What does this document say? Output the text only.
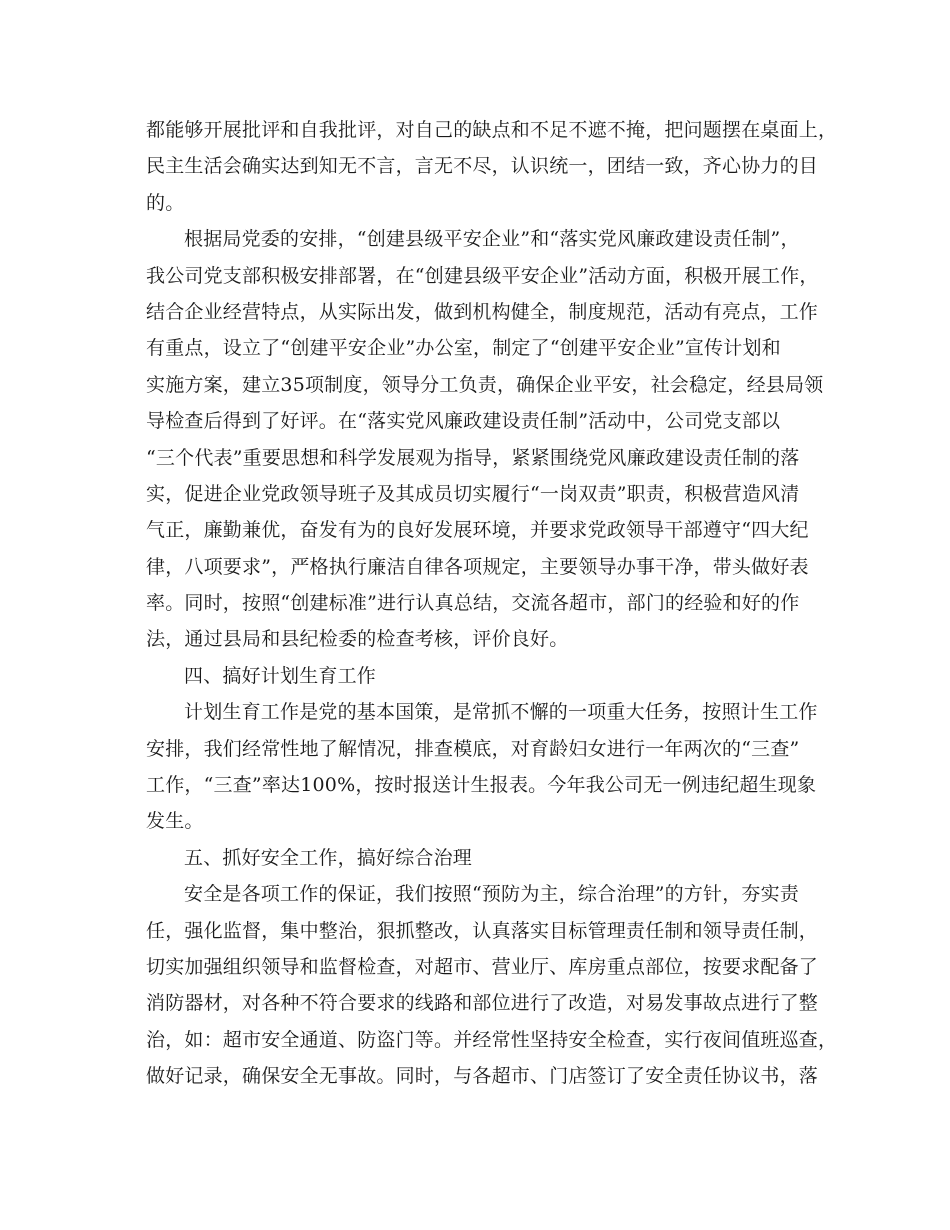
都能够开展批评和自我批评，对自己的缺点和不足不遮不掩，把问题摆在桌面上，
民主生活会确实达到知无不言，言无不尽，认识统一，团结一致，齐心协力的目
的。
根据局党委的安排，“创建县级平安企业”和“落实党风廉政建设责任制”，
我公司党支部积极安排部署，在“创建县级平安企业”活动方面，积极开展工作，
结合企业经营特点，从实际出发，做到机构健全，制度规范，活动有亮点，工作
有重点，设立了“创建平安企业”办公室，制定了“创建平安企业”宣传计划和
实施方案，建立35项制度，领导分工负责，确保企业平安，社会稳定，经县局领
导检查后得到了好评。在“落实党风廉政建设责任制”活动中，公司党支部以
“三个代表”重要思想和科学发展观为指导，紧紧围绕党风廉政建设责任制的落
实，促进企业党政领导班子及其成员切实履行“一岗双责”职责，积极营造风清
气正，廉勤兼优，奋发有为的良好发展环境，并要求党政领导干部遵守“四大纪
律，八项要求”，严格执行廉洁自律各项规定，主要领导办事干净，带头做好表
率。同时，按照“创建标准”进行认真总结，交流各超市，部门的经验和好的作
法，通过县局和县纪检委的检查考核，评价良好。
四、搞好计划生育工作
计划生育工作是党的基本国策，是常抓不懈的一项重大任务，按照计生工作
安排，我们经常性地了解情况，排查模底，对育龄妇女进行一年两次的“三查”
工作，“三查”率达100%，按时报送计生报表。今年我公司无一例违纪超生现象
发生。
五、抓好安全工作，搞好综合治理
安全是各项工作的保证，我们按照“预防为主，综合治理”的方针，夯实责
任，强化监督，集中整治，狠抓整改，认真落实目标管理责任制和领导责任制，
切实加强组织领导和监督检查，对超市、营业厅、库房重点部位，按要求配备了
消防器材，对各种不符合要求的线路和部位进行了改造，对易发事故点进行了整
治，如：超市安全通道、防盗门等。并经常性坚持安全检查，实行夜间值班巡查，
做好记录，确保安全无事故。同时，与各超市、门店签订了安全责任协议书，落
